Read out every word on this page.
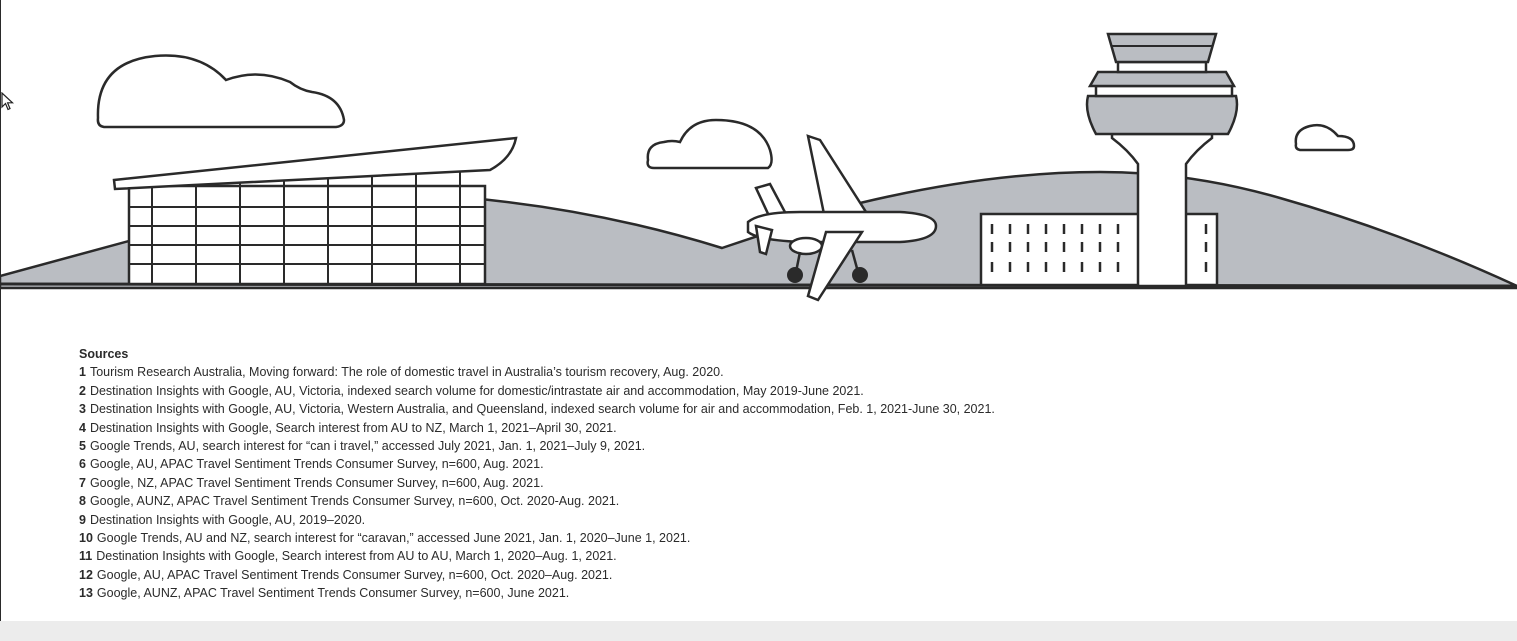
Sources

1 Tourism Research Australia, Moving forward: The role of domestic travel in Australia’s tourism recovery, Aug. 2020.
2 Destination Insights with Google, AU, Victoria, indexed search volume for domestic/intrastate air and accommodation, May 2019-June 2021.
3 Destination Insights with Google, AU, Victoria, Western Australia, and Queensland, indexed search volume for air and accommodation, Feb. 1, 2021-June 30, 2021.
4 Destination Insights with Google, Search interest from AU to NZ, March 1, 2021–April 30, 2021.
5 Google Trends, AU, search interest for “can i travel,” accessed July 2021, Jan. 1, 2021–July 9, 2021.
6 Google, AU, APAC Travel Sentiment Trends Consumer Survey, n=600, Aug. 2021.
7 Google, NZ, APAC Travel Sentiment Trends Consumer Survey, n=600, Aug. 2021.
8 Google, AUNZ, APAC Travel Sentiment Trends Consumer Survey, n=600, Oct. 2020-Aug. 2021.
9 Destination Insights with Google, AU, 2019–2020.
10 Google Trends, AU and NZ, search interest for “caravan,” accessed June 2021, Jan. 1, 2020–June 1, 2021.
11 Destination Insights with Google, Search interest from AU to AU, March 1, 2020–Aug. 1, 2021.
12 Google, AU, APAC Travel Sentiment Trends Consumer Survey, n=600, Oct. 2020–Aug. 2021.
13 Google, AUNZ, APAC Travel Sentiment Trends Consumer Survey, n=600, June 2021.
